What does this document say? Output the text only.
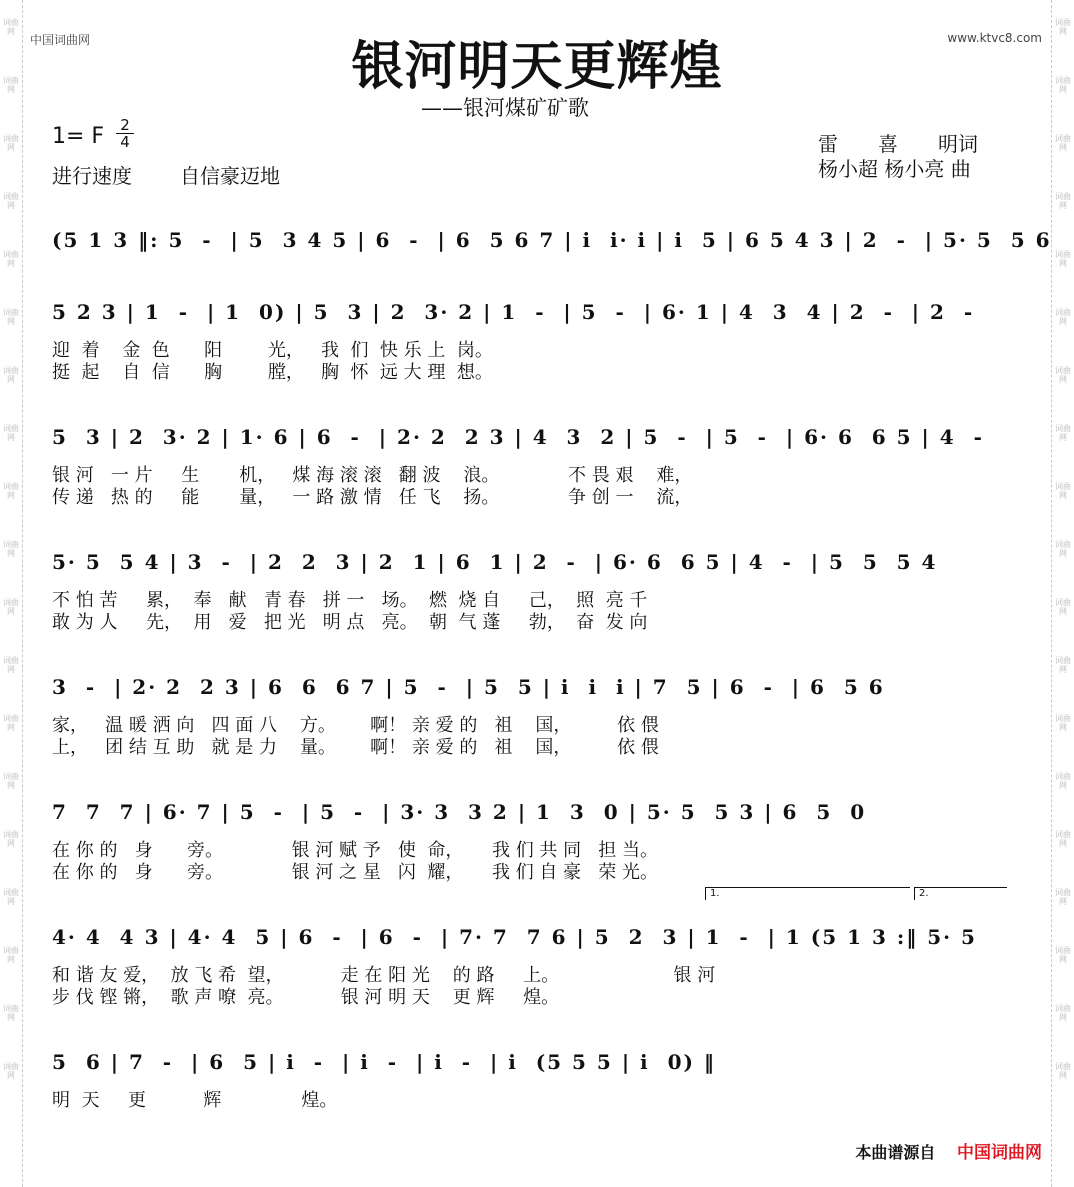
词曲网
词曲网
词曲网
词曲网
词曲网
词曲网
词曲网
词曲网
词曲网
词曲网
词曲网
词曲网
词曲网
词曲网
词曲网
词曲网
词曲网
词曲网
词曲网
词曲网
词曲网
词曲网
词曲网
词曲网
词曲网
词曲网
词曲网
词曲网
词曲网
词曲网
词曲网
词曲网
词曲网
词曲网
词曲网
词曲网
词曲网
词曲网
中国词曲网	www.ktvc8.com
银河明天更辉煌
——银河煤矿矿歌
1= F 2
4
进行速度 自信豪迈地
雷　　喜　　明词
杨小超 杨小亮 曲
(5 1 3 ‖: 5  -  | 5  3 4 5 | 6  -  | 6  5 6 7 | i  i· i | i  5 | 6 5 4 3 | 2  -  | 5· 5  5 6
5 2 3 | 1  -  | 1  0) | 5  3 | 2  3· 2 | 1  -  | 5  -  | 6· 1 | 4  3  4 | 2  -  | 2  -
迎  着    金  色      阳        光，   我  们  快 乐 上  岗。
挺  起    自  信      胸        膛，   胸  怀  远 大 理  想。
5  3 | 2  3· 2 | 1· 6 | 6  -  | 2· 2  2 3 | 4  3  2 | 5  -  | 5  -  | 6· 6  6 5 | 4  -
银 河   一 片     生       机，   煤 海 滚 滚   翻 波    浪。            不 畏 艰    难，
传 递   热 的     能       量，   一 路 激 情   任 飞    扬。            争 创 一    流，
5· 5  5 4 | 3  -  | 2  2  3 | 2  1 | 6  1 | 2  -  | 6· 6  6 5 | 4  -  | 5  5  5 4
不 怕 苦     累，  奉   献   青 春   拼 一   场。  燃  烧 自     己，  照  亮 千
敢 为 人     先，  用   爱   把 光   明 点   亮。  朝  气 蓬     勃，  奋  发 向
3  -  | 2· 2  2 3 | 6  6  6 7 | 5  -  | 5  5 | i  i  i | 7  5 | 6  -  | 6  5 6
家，   温 暖 洒 向   四 面 八    方。      啊！ 亲 爱 的   祖    国，        依 偎
上，   团 结 互 助   就 是 力    量。      啊！ 亲 爱 的   祖    国，        依 偎
7  7  7 | 6· 7 | 5  -  | 5  -  | 3· 3  3 2 | 1  3  0 | 5· 5  5 3 | 6  5  0
在 你 的   身      旁。            银 河 赋 予   使  命，     我 们 共 同   担 当。
在 你 的   身      旁。            银 河 之 星   闪  耀，     我 们 自 豪   荣 光。
4· 4  4 3 | 4· 4  5 | 6  -  | 6  -  | 7· 7  7 6 | 5  2  3 | 1  -  | 1 (5 1 3 :‖ 5· 5
和 谐 友 爱，  放 飞 希  望，          走 在 阳 光    的 路     上。                    银 河
步 伐 铿 锵，  歌 声 嘹  亮。          银 河 明 天    更 辉     煌。
5  6 | 7  -  | 6  5 | i  -  | i  -  | i  -  | i  (5 5 5 | i  0) ‖
明  天     更          辉              煌。
1.	2.
本曲谱源自 中国词曲网
